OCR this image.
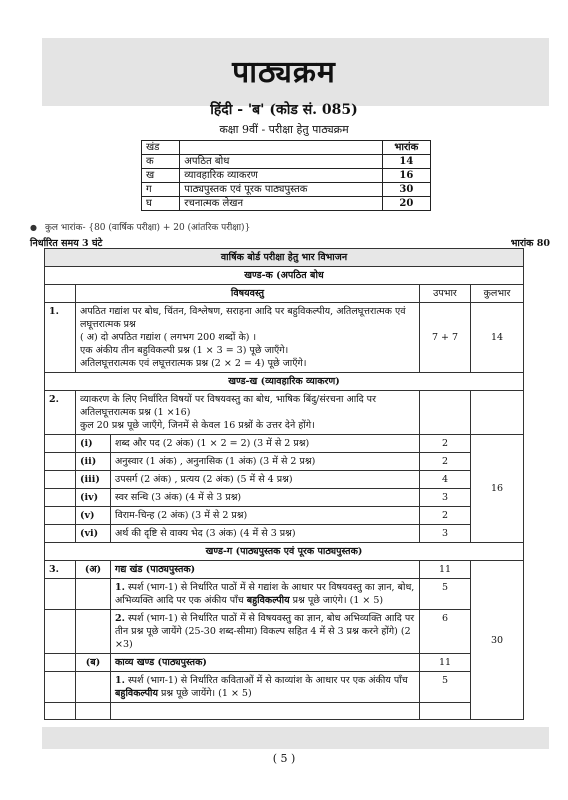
पाठ्यक्रम
हिंदी - 'ब' (कोड सं. 085)
कक्षा 9वीं - परीक्षा हेतु पाठ्यक्रम
खंड		भारांक
क	अपठित बोध	14
ख	व्यावहारिक व्याकरण	16
ग	पाठ्यपुस्तक एवं पूरक पाठ्यपुस्तक	30
घ	रचनात्मक लेखन	20
● कुल भारांक- {80 (वार्षिक परीक्षा) + 20 (आंतरिक परीक्षा)}
निर्धारित समय 3 घंटे	भारांक 80
वार्षिक बोर्ड परीक्षा हेतु भार विभाजन				
खण्ड-क (अपठित बोध				
	विषयवस्तु		उपभार	कुलभार
1.	अपठित गद्यांश पर बोध, चिंतन, विश्लेषण, सराहना आदि पर बहुविकल्पीय, अतिलघूत्तरात्मक एवं लघूत्तरात्मक प्रश्न
( अ) दो अपठित गद्यांश ( लगभग 200 शब्दों के) ।
एक अंकीय तीन बहुविकल्पी प्रश्न (1 × 3 = 3) पूछे जाएँगे।
अतिलघूत्तरात्मक एवं लघूत्तरात्मक प्रश्न (2 × 2 = 4) पूछे जाएँगे।		7 + 7	14
खण्ड-ख (व्यावहारिक व्याकरण)				
2.	व्याकरण के लिए निर्धारित विषयों पर विषयवस्तु का बोध, भाषिक बिंदु/संरचना आदि पर अतिलघूत्तरात्मक प्रश्न (1 ×16)
कुल 20 प्रश्न पूछे जाएँगे, जिनमें से केवल 16 प्रश्नों के उत्तर देने होंगे।			

	(i)	शब्द और पद (2 अंक) (1 × 2 = 2) (3 में से 2 प्रश्न)	2	16
	(ii)	अनुस्वार (1 अंक) , अनुनासिक (1 अंक) (3 में से 2 प्रश्न)	2	
	(iii)	उपसर्ग (2 अंक) , प्रत्यय (2 अंक) (5 में से 4 प्रश्न)	4	
	(iv)	स्वर सन्धि (3 अंक) (4 में से 3 प्रश्न)	3	
	(v)	विराम-चिन्ह (2 अंक) (3 में से 2 प्रश्न)	2	
	(vi)	अर्थ की दृष्टि से वाक्य भेद (3 अंक) (4 में से 3 प्रश्न)	3	
खण्ड-ग (पाठ्यपुस्तक एवं पूरक पाठ्यपुस्तक)				
3.	(अ)	गद्य खंड (पाठ्यपुस्तक)	11	30
		1. स्पर्श (भाग-1) से निर्धारित पाठों में से गद्यांश के आधार पर विषयवस्तु का ज्ञान, बोध, अभिव्यक्ति आदि पर एक अंकीय पाँच बहुविकल्पीय प्रश्न पूछे जाएंगे। (1 × 5)	5	
		2. स्पर्श (भाग-1) से निर्धारित पाठों में से विषयवस्तु का ज्ञान, बोध अभिव्यक्ति आदि पर तीन प्रश्न पूछे जायेंगे (25-30 शब्द-सीमा) विकल्प सहित 4 में से 3 प्रश्न करने होंगे) (2 ×3)	6	
	(ब)	काव्य खण्ड (पाठ्यपुस्तक)	11	
		1. स्पर्श (भाग-1) से निर्धारित कविताओं में से काव्यांश के आधार पर एक अंकीय पाँच बहुविकल्पीय प्रश्न पूछे जायेंगे। (1 × 5)	5	

( 5 )
